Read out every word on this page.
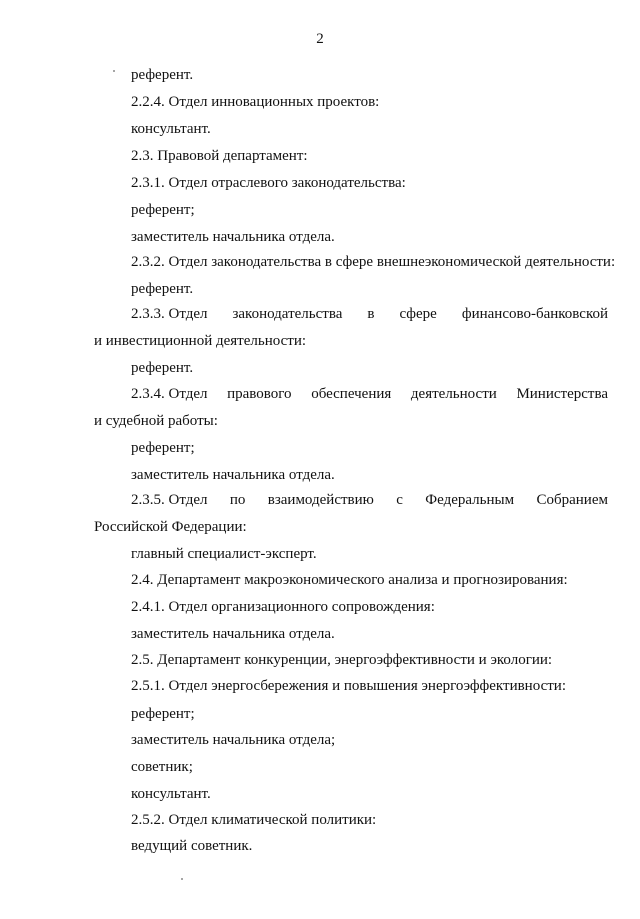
2
референт.
2.2.4. Отдел инновационных проектов:
консультант.
2.3. Правовой департамент:
2.3.1. Отдел отраслевого законодательства:
референт;
заместитель начальника отдела.
2.3.2. Отдел законодательства в сфере внешнеэкономической деятельности:
референт.
2.3.3. Отдел законодательства в сфере финансово-банковской
и инвестиционной деятельности:
референт.
2.3.4. Отдел правового обеспечения деятельности Министерства
и судебной работы:
референт;
заместитель начальника отдела.
2.3.5. Отдел по взаимодействию с Федеральным Собранием
Российской Федерации:
главный специалист-эксперт.
2.4. Департамент макроэкономического анализа и прогнозирования:
2.4.1. Отдел организационного сопровождения:
заместитель начальника отдела.
2.5. Департамент конкуренции, энергоэффективности и экологии:
2.5.1. Отдел энергосбережения и повышения энергоэффективности:
референт;
заместитель начальника отдела;
советник;
консультант.
2.5.2. Отдел климатической политики:
ведущий советник.
